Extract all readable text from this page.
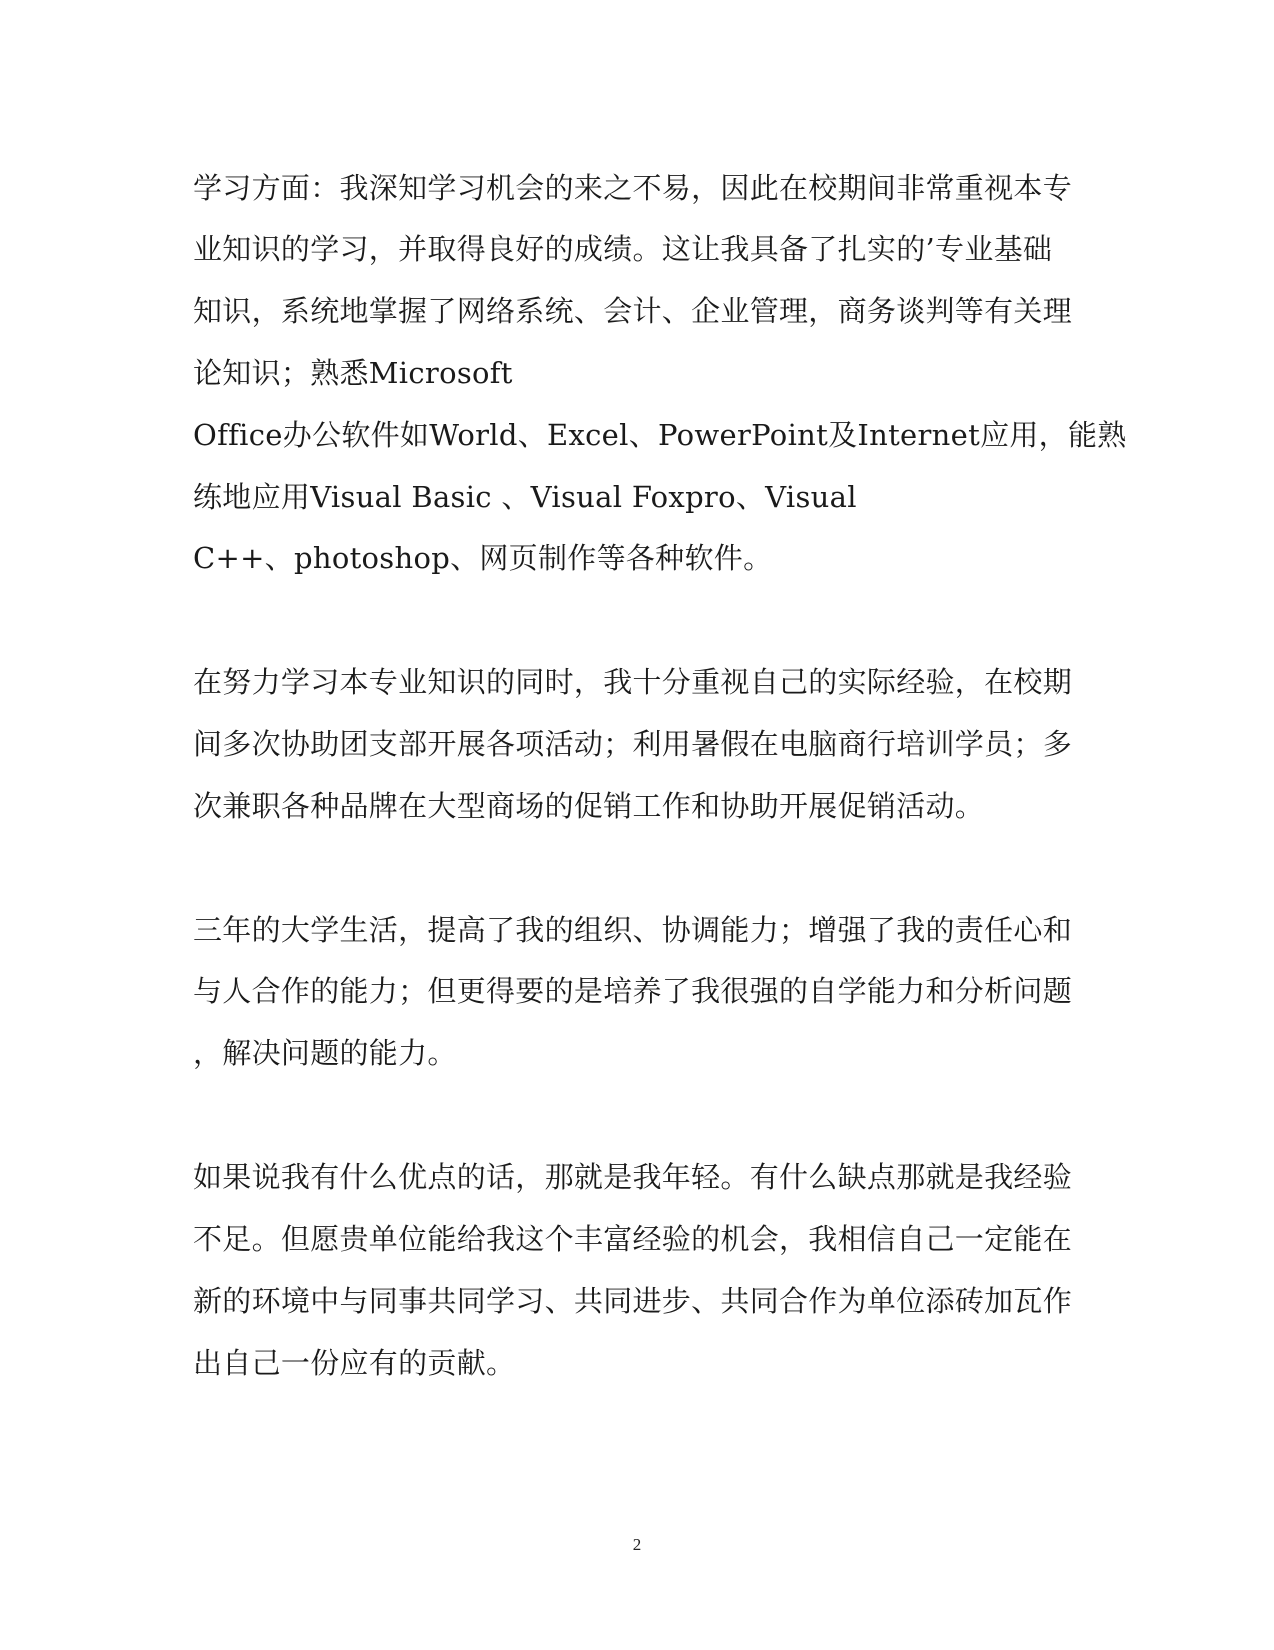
学习方面：我深知学习机会的来之不易，因此在校期间非常重视本专
业知识的学习，并取得良好的成绩。这让我具备了扎实的’专业基础
知识，系统地掌握了网络系统、会计、企业管理，商务谈判等有关理
论知识；熟悉Microsoft
Office办公软件如World、Excel、PowerPoint及Internet应用，能熟
练地应用Visual Basic 、Visual Foxpro、Visual
C++、photoshop、网页制作等各种软件。
在努力学习本专业知识的同时，我十分重视自己的实际经验，在校期
间多次协助团支部开展各项活动；利用暑假在电脑商行培训学员；多
次兼职各种品牌在大型商场的促销工作和协助开展促销活动。
三年的大学生活，提高了我的组织、协调能力；增强了我的责任心和
与人合作的能力；但更得要的是培养了我很强的自学能力和分析问题
，解决问题的能力。
如果说我有什么优点的话，那就是我年轻。有什么缺点那就是我经验
不足。但愿贵单位能给我这个丰富经验的机会，我相信自己一定能在
新的环境中与同事共同学习、共同进步、共同合作为单位添砖加瓦作
出自己一份应有的贡献。
2
